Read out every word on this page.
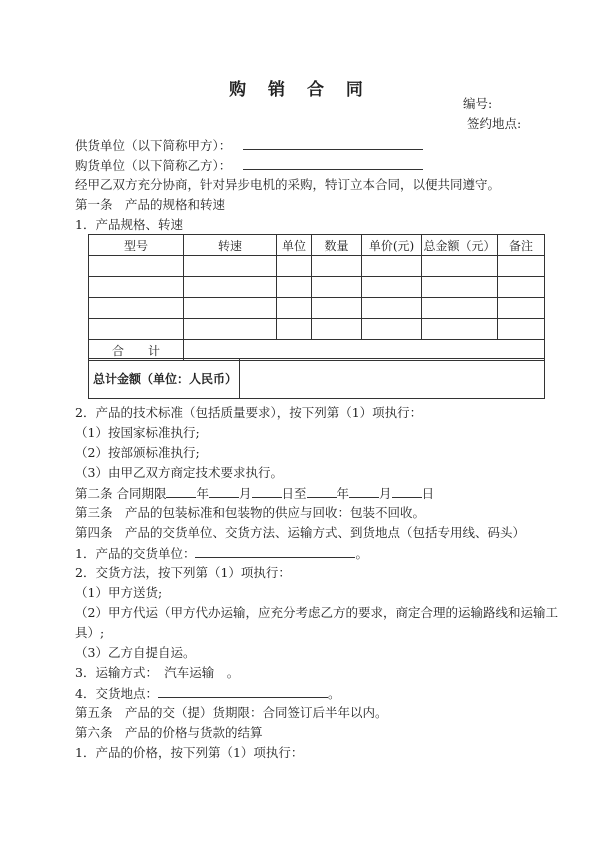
购 销 合 同
编号:
签约地点:
供货单位（以下简称甲方）：
购货单位（以下简称乙方）：
经甲乙双方充分协商，针对异步电机的采购，特订立本合同，以便共同遵守。
第一条　产品的规格和转速
1．产品规格、转速
型号	转速	单位	数量	单价(元)	总金额（元）	备注

合　　计						
总计金额（单位：人民币）	
2．产品的技术标准（包括质量要求），按下列第（1）项执行：
（1）按国家标准执行;
（2）按部颁标准执行;
（3）由甲乙双方商定技术要求执行。
第二条 合同期限 年 月 日至 年 月 日
第三条　产品的包装标准和包装物的供应与回收：包装不回收。
第四条　产品的交货单位、交货方法、运输方式、到货地点（包括专用线、码头）
1．产品的交货单位：	。
2．交货方法，按下列第（1）项执行：
（1）甲方送货;
（2）甲方代运（甲方代办运输，应充分考虑乙方的要求，商定合理的运输路线和运输工
具）;
（3）乙方自提自运。
3．运输方式：　汽车运输　。
4．交货地点：	。
第五条　产品的交（提）货期限：合同签订后半年以内。
第六条　产品的价格与货款的结算
1．产品的价格，按下列第（1）项执行：
